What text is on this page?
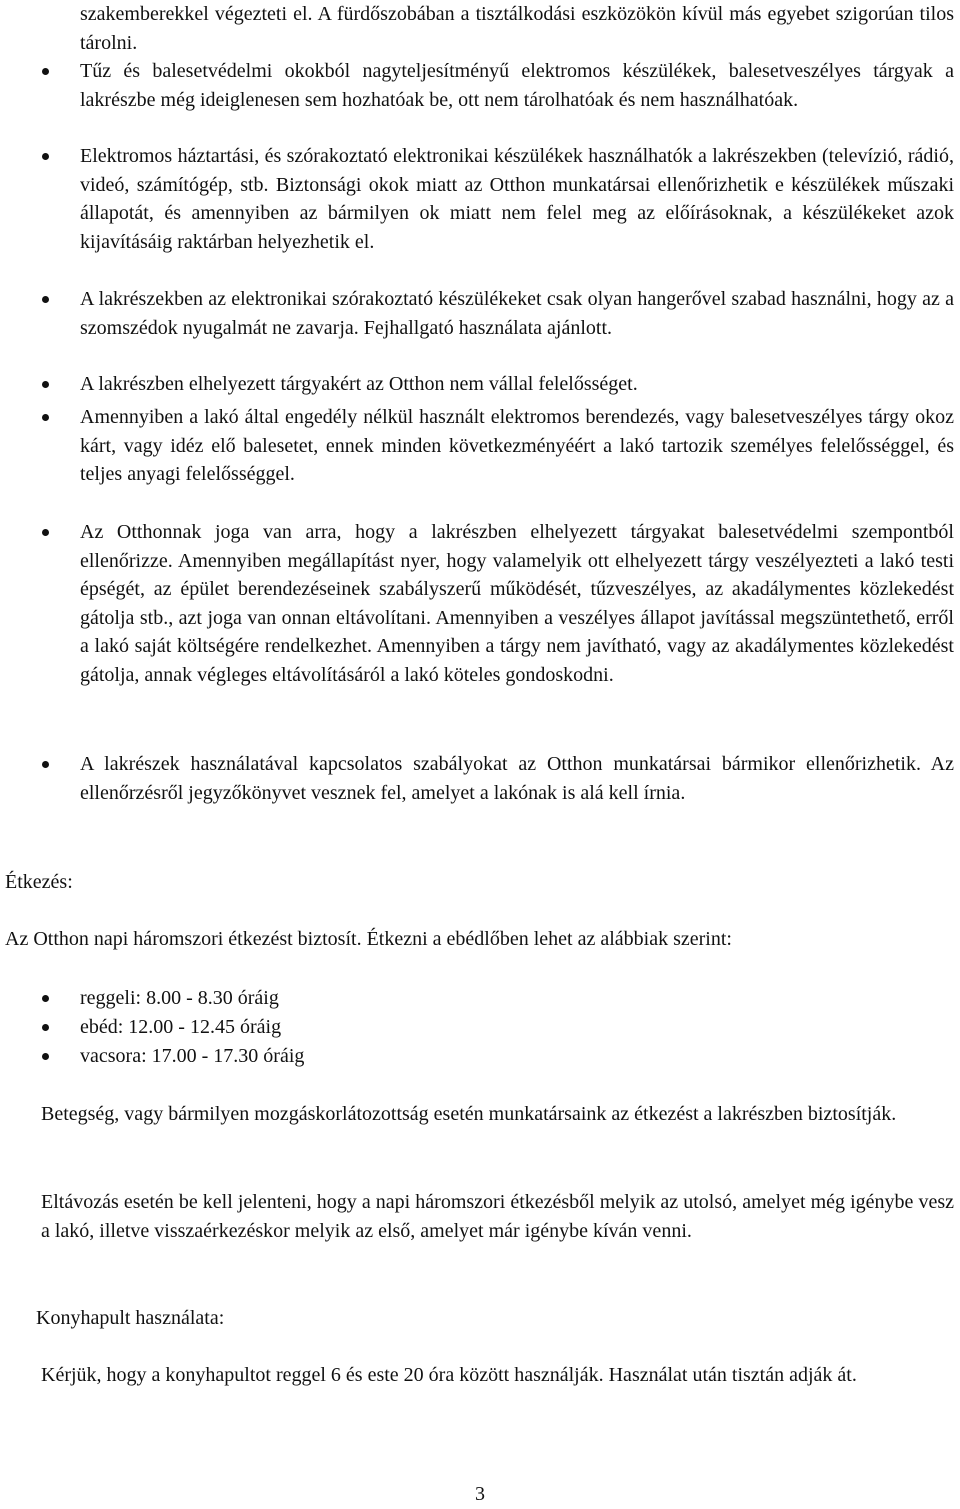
szakemberekkel végezteti el. A fürdőszobában a tisztálkodási eszközökön kívül más egyebet szigorúan tilos tárolni.
Tűz és balesetvédelmi okokból nagyteljesítményű elektromos készülékek, balesetveszélyes tárgyak a lakrészbe még ideiglenesen sem hozhatóak be, ott nem tárolhatóak és nem használhatóak.
Elektromos háztartási, és szórakoztató elektronikai készülékek használhatók a lakrészekben (televízió, rádió, videó, számítógép, stb. Biztonsági okok miatt az Otthon munkatársai ellenőrizhetik e készülékek műszaki állapotát, és amennyiben az bármilyen ok miatt nem felel meg az előírásoknak, a készülékeket azok kijavításáig raktárban helyezhetik el.
A lakrészekben az elektronikai szórakoztató készülékeket csak olyan hangerővel szabad használni, hogy az a szomszédok nyugalmát ne zavarja. Fejhallgató használata ajánlott.
A lakrészben elhelyezett tárgyakért az Otthon nem vállal felelősséget.
Amennyiben a lakó által engedély nélkül használt elektromos berendezés, vagy balesetveszélyes tárgy okoz kárt, vagy idéz elő balesetet, ennek minden következményéért a lakó tartozik személyes felelősséggel, és teljes anyagi felelősséggel.
Az Otthonnak joga van arra, hogy a lakrészben elhelyezett tárgyakat balesetvédelmi szempontból ellenőrizze. Amennyiben megállapítást nyer, hogy valamelyik ott elhelyezett tárgy veszélyezteti a lakó testi épségét, az épület berendezéseinek szabályszerű működését, tűzveszélyes, az akadálymentes közlekedést gátolja stb., azt joga van onnan eltávolítani. Amennyiben a veszélyes állapot javítással megszüntethető, erről a lakó saját költségére rendelkezhet. Amennyiben a tárgy nem javítható, vagy az akadálymentes közlekedést gátolja, annak végleges eltávolításáról a lakó köteles gondoskodni.
A lakrészek használatával kapcsolatos szabályokat az Otthon munkatársai bármikor ellenőrizhetik. Az ellenőrzésről jegyzőkönyvet vesznek fel, amelyet a lakónak is alá kell írnia.
Étkezés:
Az Otthon napi háromszori étkezést biztosít. Étkezni a ebédlőben lehet az alábbiak szerint:
reggeli: 8.00 - 8.30 óráig
ebéd: 12.00 - 12.45 óráig
vacsora: 17.00 - 17.30 óráig
Betegség, vagy bármilyen mozgáskorlátozottság esetén munkatársaink az étkezést a lakrészben biztosítják.
Eltávozás esetén be kell jelenteni, hogy a napi háromszori étkezésből melyik az utolsó, amelyet még igénybe vesz a lakó, illetve visszaérkezéskor melyik az első, amelyet már igénybe kíván venni.
Konyhapult használata:
Kérjük, hogy a konyhapultot reggel 6 és este 20 óra között használják. Használat után tisztán adják át.
3
